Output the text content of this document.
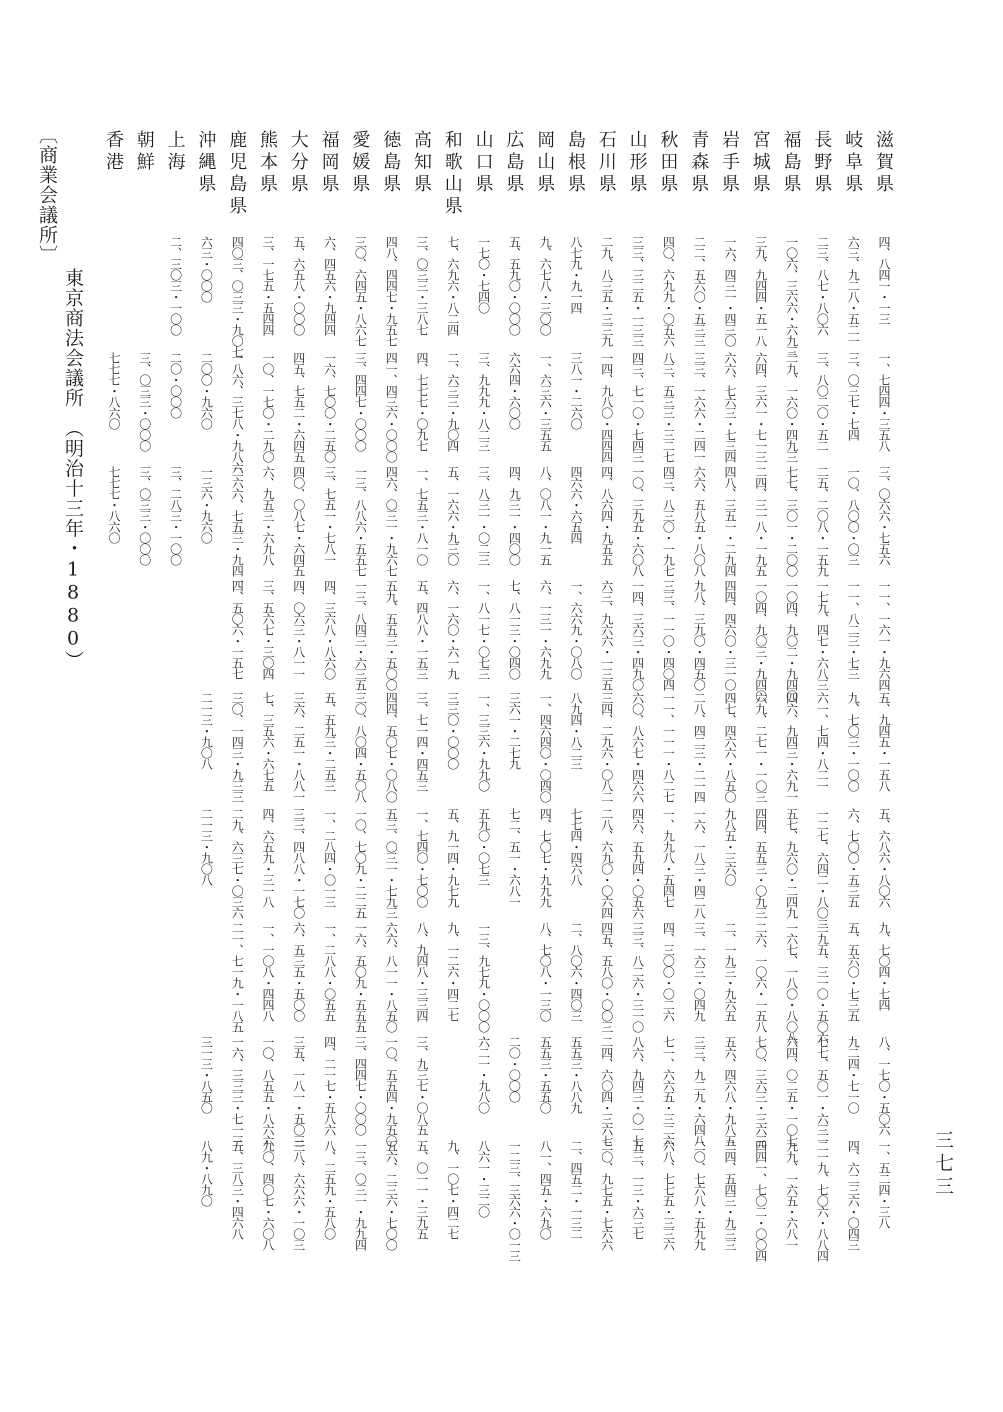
〔商業会議所〕
東京商法会議所　（明治十三年・1880）
三七三
滋賀県
四、八四一・一三
一、七四四・三五八
三、〇六六・七五六
一一、一六一・九六四
五、九四五・一五八
五、六八六・八〇六
九、七〇四・七四
八、一七〇・五〇六
一、五二四・三八
岐阜県
六三、九二八・五二一
三、〇三七・七四
一〇、八〇〇・〇三
一一、八二三・七三
九、七〇三・一〇〇
六、七〇〇・五三五
五、五六〇・七三五
九二四・七一〇
四、六二三六・〇四三
長野県
二三、八七・八〇六
三、八〇二〇・五二
二五、二〇八・一五九
一七九、四七・六八三
六一、七四・八二一
一二七、六四二・八〇二
二九五、三一〇・五〇六
七七、五〇一・六三一
二一九、七〇六・八八四
福島県
一〇六、三六六・六九三
二九、一六〇・四九三
七七、三〇一・二〇〇
一〇四、九〇二・九四〇
四六、九四三・六九一
五七、九六〇・二四九
一六七、一八〇・八〇八
六四、〇二五・一〇七
九九、一六五・六八一
宮城県
三九、九四四・五一八
六四、三六一・七一三
二四、三一八・一九五
一〇四、九〇三・九四〇
六九、二七一・一〇三
四四、五五三・〇九三
二六、一〇六・一五八
七〇、三六三・三六三
四四一、七〇二・〇〇四
岩手県
一六、四三一・四三〇
六六、七六三・七三四
四八、三五一・二九四
四四、四六〇・三一〇
四七、四六六・八五〇
九八五・三六〇
二、一九三・九六五
五六、四六八・九八五
二四、五四三・九三三
青森県
二二、五六〇・五三三
三三、一六六・二四一
六六、五八五・八〇八
九八、三九〇・四五〇
二八、四二三・二一四
一六、一八三・四二八
三、一六三・〇四九
三三、九二九・六四八
二〇、七六八・五九九
秋田県
四〇、六九九・〇五六
八三、五三三・三二七
四三、八三〇・一九七
三三、一一〇・四〇四
一一、一一一・八二七
一、九九八・五四七
四、三〇〇・〇二六
七一、六六五・三二六
六八、七七五・三三六
山形県
三三、三二五・一三三
四三、七一〇・七四三
一〇、三九五・六〇八
一四、三六三・四九〇
六〇、八六七・四六六
四六、五九四・〇五六
三三、八二六・三一〇
八六、九四三・〇一七
五三、一三・六三七
石川県
二九、八三五・三三九
一四、九八〇・四四四
四、八六四・九五五
六三、九六六・一三五
三四、二九六・〇八二
二八、六九〇・〇六四
四五、五八〇・〇〇三
二四、六〇四・三六七
二〇、九七五・七六六
島根県
八七九・九一四
三八一・二六〇
四六六・六五四
一、六六九・〇八〇
八九四・八二三
七七四・四六八
二、八〇六・四〇三
五五三・八八九
二、四五二・一三二
岡山県
九、六七八・三〇〇
一、六三六・三五五
八、〇八一・九一五
六、一三一・六九九
一、四六四〇・〇四〇
四、七〇七・九九九
八、七〇八・一三〇
五五三・五五〇
八一、四五・六九〇
広島県
五、五九〇・〇〇〇
六六四・六〇〇
四、九三一・四〇〇
七、八一三・〇四〇
三六一・二七九
七二、五一・六八一
二〇・〇〇〇
一二三、三六六・〇一三
山口県
一七〇・七四〇
三、九九九・八二三
三、八三一・〇二三
一、八一七・〇七三
一、三三六・九九〇
五九〇・〇七三
一三、九七九・〇〇〇
六二一・九八〇
八六一・三二〇
和歌山県
七、六九六・八二四
二、六三三・九〇四
五、一六六・九三〇
六、一六〇・六一九
三三〇・〇〇〇
五、九一四・九七九
九、一二六・四二七
九、一〇七・四二七
高知県
三、〇三三・三八七
四、七七七・〇九七
一、七五三・八一〇
五、四八八・一五三
三、七一四・四五三
一、七四〇・七〇〇
八、九四八・三三四
三、九三七・〇八五
五、〇一一・三九五
徳島県
四八、四四七・九五七
四一、四三六・〇〇〇
四六、〇三一・九六七
五九、五五三・五〇〇
四四、五〇七・〇八〇
五三、〇三一・七九三
六六、八一一・八五〇
一〇、五五四・九五〇
五六、二三六・七〇〇
愛媛県
三〇、六四五・八六七
三、四四七・〇〇〇
一三、八八六・五五七
一三、八四三・六三五
三〇、八〇四・五〇八
一〇、七〇九・二二五
一六、五〇九・五五五
三、四四七・〇〇〇
一三、〇三一・九九四
福岡県
六、四五六・九四四
一六、七〇〇・二五〇
三、七五一・七八一
四、三六八・八六〇
五、五九三・二五三
一、二八四・〇一三
一、二八八・〇五五
四、二一七・五八六
八、二五九・五八〇
大分県
五、六五八・〇〇〇
四五、七五二・六四五
四〇、〇八七・六四五
四、〇六三・八一一
三六、二五一・八八一
三三、四八八・一七〇
六、五三五・五〇〇
三五、一八一・五〇三
三八、六六六・一〇三
熊本県
三、一七五・五四四
一〇、一七〇・二九〇
六、九五三・六九八
三、五六七・三〇四
七、三五六・六七五
四、六五九・三一八
一、一〇八・四四八
一〇、八五五・八六六
九〇、四〇七・六〇八
鹿児島県
四〇三、〇三三・九〇七
一八六、三七八・九八六
二六六、七五三・九四一
四、五〇六・一五七
三〇、一四三・九三三
二九、六三七・〇三六
二一、七一九・一八五
一六、三三三・七一三
五、三八三・四六八
沖縄県
六三・〇〇〇
二〇〇・九六〇
一三六・九六〇
二一三・九〇八
二一三・九〇八
三一三・八五〇
八九・八九〇
上海
二、三〇三・一〇〇
二〇・〇〇〇
三、二八三・一〇〇
朝鮮
三、〇三三・〇〇〇
三、〇三三・〇〇〇
香港
七七七・八六〇
七七七・八六〇
